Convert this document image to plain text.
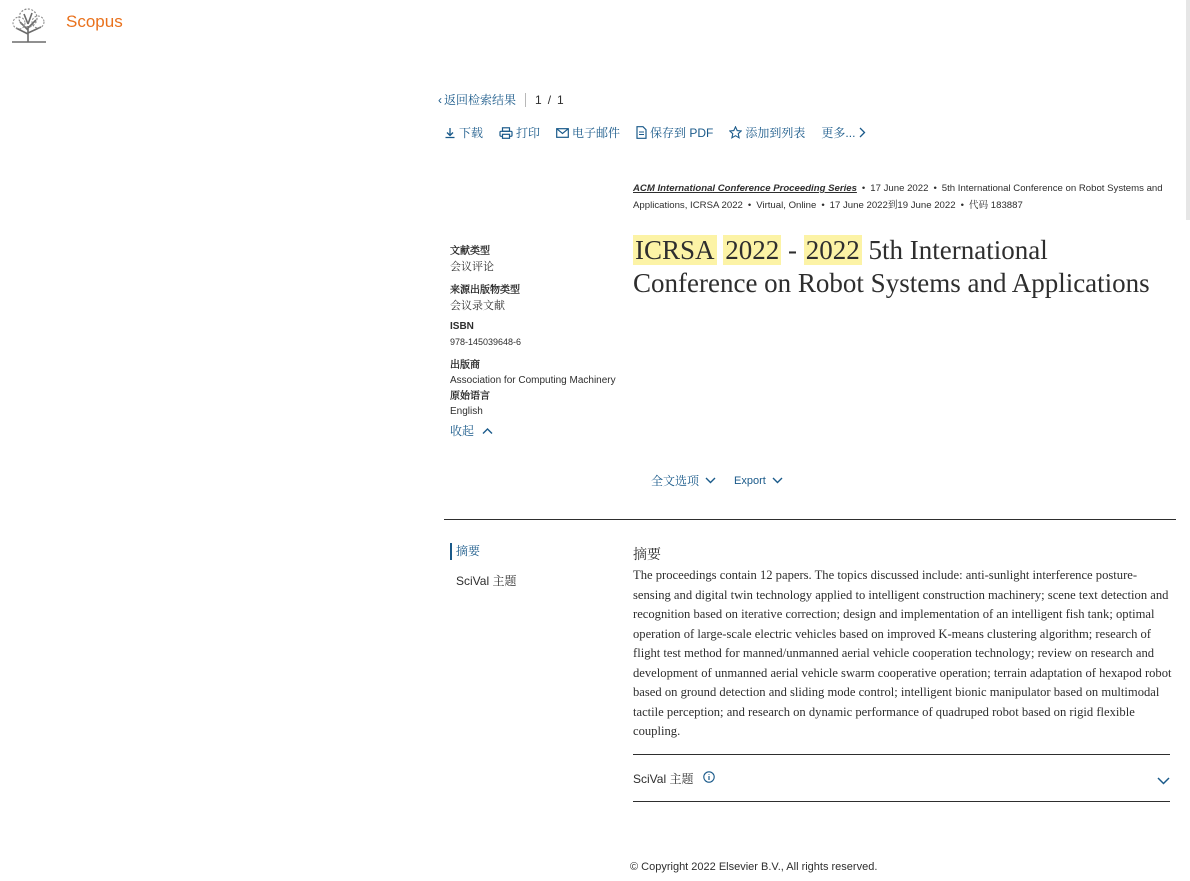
Scopus
‹ 返回检索结果 1 / 1
下载	打印	电子邮件	保存到 PDF	添加到列表 更多...
ACM International Conference Proceeding Series • 17 June 2022 • 5th International Conference on Robot Systems and Applications, ICRSA 2022 • Virtual, Online • 17 June 2022到19 June 2022 • 代码 183887
文献类型
会议评论
来源出版物类型
会议录文献
ISBN
978-145039648-6
出版商
Association for Computing Machinery
原始语言
English
收起
ICRSA 2022 - 2022 5th International Conference on Robot Systems and Applications
全文选项	Export
摘要
SciVal 主题
摘要
The proceedings contain 12 papers. The topics discussed include: anti-sunlight interference posture-sensing and digital twin technology applied to intelligent construction machinery; scene text detection and recognition based on iterative correction; design and implementation of an intelligent fish tank; optimal operation of large-scale electric vehicles based on improved K-means clustering algorithm; research of flight test method for manned/unmanned aerial vehicle cooperation technology; review on research and development of unmanned aerial vehicle swarm cooperative operation; terrain adaptation of hexapod robot based on ground detection and sliding mode control; intelligent bionic manipulator based on multimodal tactile perception; and research on dynamic performance of quadruped robot based on rigid flexible coupling.
SciVal 主题
© Copyright 2022 Elsevier B.V., All rights reserved.
